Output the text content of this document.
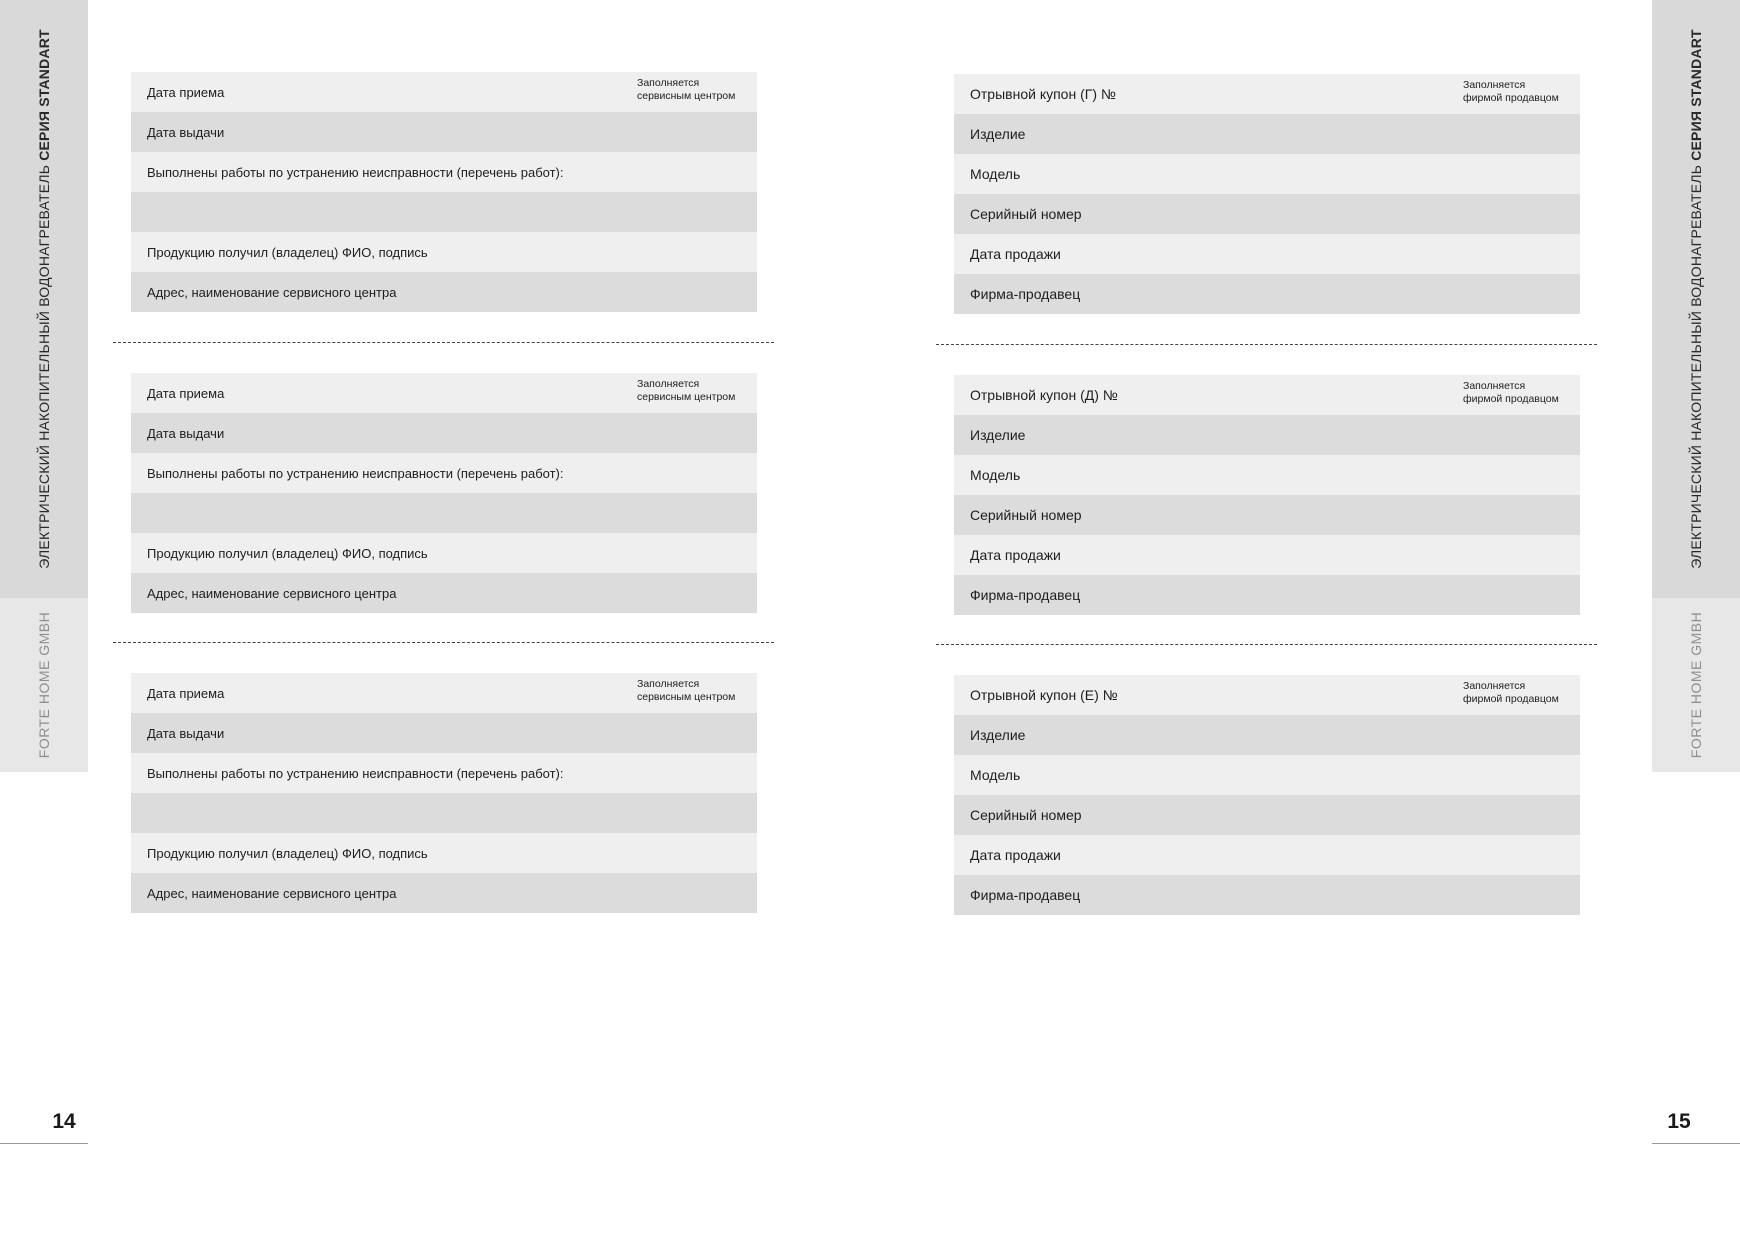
ЭЛЕКТРИЧЕСКИЙ НАКОПИТЕЛЬНЫЙ ВОДОНАГРЕВАТЕЛЬ СЕРИЯ STANDART
FORTE HOME GMBH
14
ЭЛЕКТРИЧЕСКИЙ НАКОПИТЕЛЬНЫЙ ВОДОНАГРЕВАТЕЛЬ СЕРИЯ STANDART
FORTE HOME GMBH
15
Дата приема
Заполняется
сервисным центром
Дата выдачи
Выполнены работы по устранению неисправности (перечень работ):
Продукцию получил (владелец) ФИО, подпись
Адрес, наименование сервисного центра
Дата приема
Заполняется
сервисным центром
Дата выдачи
Выполнены работы по устранению неисправности (перечень работ):
Продукцию получил (владелец) ФИО, подпись
Адрес, наименование сервисного центра
Дата приема
Заполняется
сервисным центром
Дата выдачи
Выполнены работы по устранению неисправности (перечень работ):
Продукцию получил (владелец) ФИО, подпись
Адрес, наименование сервисного центра
Отрывной купон (Г) №
Заполняется
фирмой продавцом
Изделие
Модель
Серийный номер
Дата продажи
Фирма-продавец
Отрывной купон (Д) №
Заполняется
фирмой продавцом
Изделие
Модель
Серийный номер
Дата продажи
Фирма-продавец
Отрывной купон (Е) №
Заполняется
фирмой продавцом
Изделие
Модель
Серийный номер
Дата продажи
Фирма-продавец
